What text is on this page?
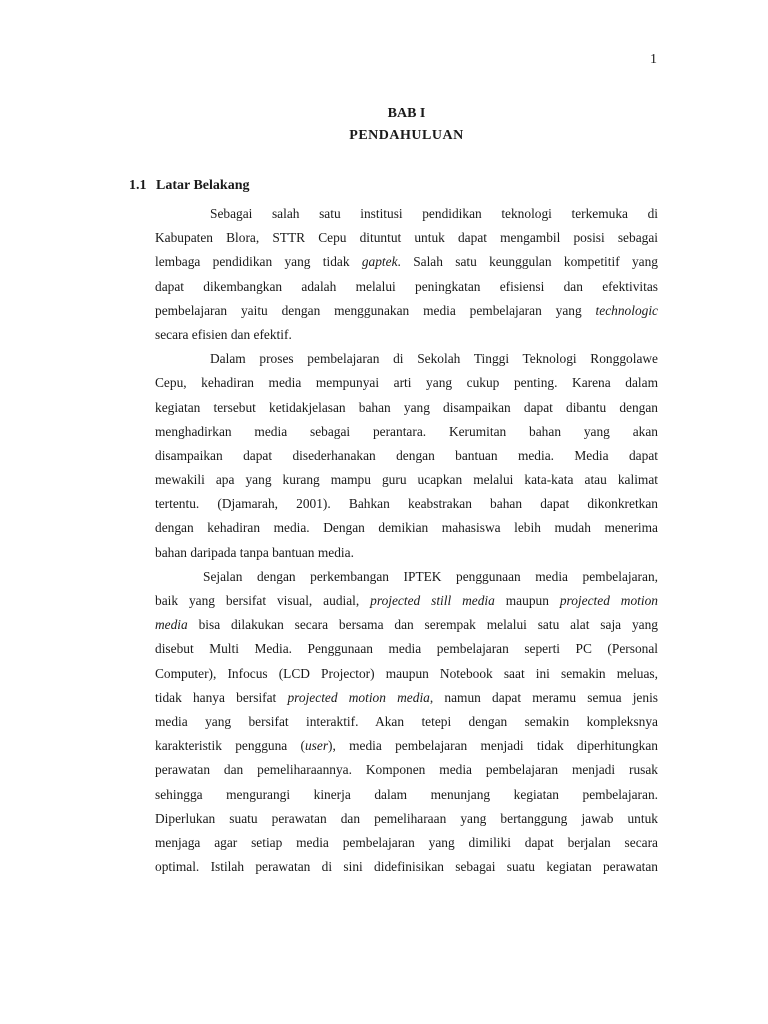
1
BAB I
PENDAHULUAN
1.1 Latar Belakang
Sebagai salah satu institusi pendidikan teknologi terkemuka di
Kabupaten Blora, STTR Cepu dituntut untuk dapat mengambil posisi sebagai
lembaga pendidikan yang tidak gaptek. Salah satu keunggulan kompetitif yang
dapat dikembangkan adalah melalui peningkatan efisiensi dan efektivitas
pembelajaran yaitu dengan menggunakan media pembelajaran yang technologic
secara efisien dan efektif.
Dalam proses pembelajaran di Sekolah Tinggi Teknologi Ronggolawe
Cepu, kehadiran media mempunyai arti yang cukup penting. Karena dalam
kegiatan tersebut ketidakjelasan bahan yang disampaikan dapat dibantu dengan
menghadirkan media sebagai perantara. Kerumitan bahan yang akan
disampaikan dapat disederhanakan dengan bantuan media. Media dapat
mewakili apa yang kurang mampu guru ucapkan melalui kata-kata atau kalimat
tertentu. (Djamarah, 2001). Bahkan keabstrakan bahan dapat dikonkretkan
dengan kehadiran media. Dengan demikian mahasiswa lebih mudah menerima
bahan daripada tanpa bantuan media.
Sejalan dengan perkembangan IPTEK penggunaan media pembelajaran,
baik yang bersifat visual, audial, projected still media maupun projected motion
media bisa dilakukan secara bersama dan serempak melalui satu alat saja yang
disebut Multi Media. Penggunaan media pembelajaran seperti PC (Personal
Computer), Infocus (LCD Projector) maupun Notebook saat ini semakin meluas,
tidak hanya bersifat projected motion media, namun dapat meramu semua jenis
media yang bersifat interaktif. Akan tetepi dengan semakin kompleksnya
karakteristik pengguna (user), media pembelajaran menjadi tidak diperhitungkan
perawatan dan pemeliharaannya. Komponen media pembelajaran menjadi rusak
sehingga mengurangi kinerja dalam menunjang kegiatan pembelajaran.
Diperlukan suatu perawatan dan pemeliharaan yang bertanggung jawab untuk
menjaga agar setiap media pembelajaran yang dimiliki dapat berjalan secara
optimal. Istilah perawatan di sini didefinisikan sebagai suatu kegiatan perawatan
